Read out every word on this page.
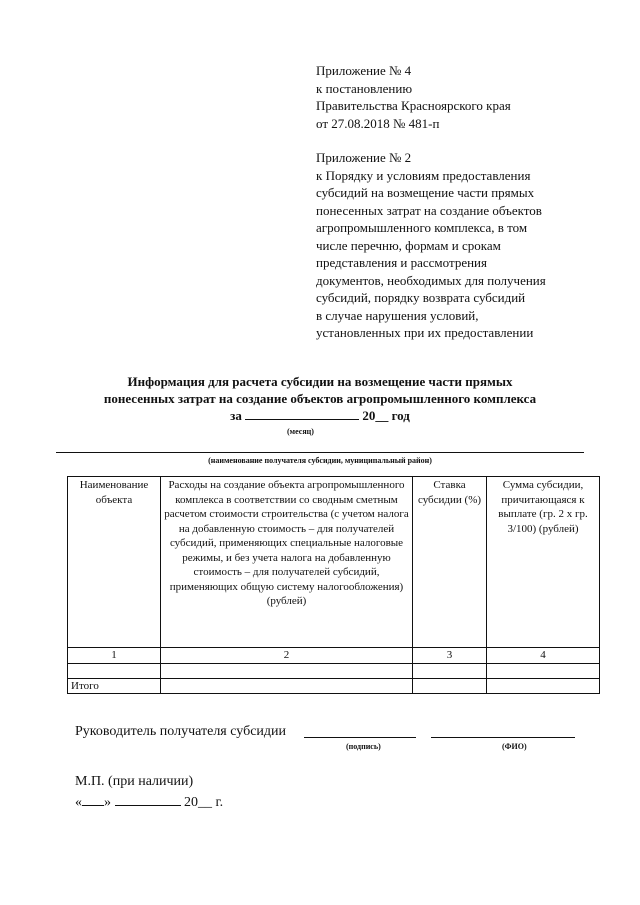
Приложение № 4
к постановлению
Правительства Красноярского края
от 27.08.2018 № 481-п
Приложение № 2
к Порядку и условиям предоставления
субсидий на возмещение части прямых
понесенных затрат на создание объектов
агропромышленного комплекса, в том
числе перечню, формам и срокам
представления и рассмотрения
документов, необходимых для получения
субсидий, порядку возврата субсидий
в случае нарушения условий,
установленных при их предоставлении
Информация для расчета субсидии на возмещение части прямых
понесенных затрат на создание объектов агропромышленного комплекса
за	20__ год
(месяц)
(наименование получателя субсидии, муниципальный район)
Наименование объекта	Расходы на создание объекта агропромышленного комплекса в соответствии со сводным сметным расчетом стоимости строительства (с учетом налога на добавленную стоимость – для получателей субсидий, применяющих специальные налоговые режимы, и без учета налога на добавленную стоимость – для получателей субсидий, применяющих общую систему налогообложения) (рублей)	Ставка субсидии (%)	Сумма субсидии, причитающаяся к выплате (гр. 2 х гр. 3/100) (рублей)
1	2	3	4

Итого			
Руководитель получателя субсидии
(подпись)	(ФИО)
М.П. (при наличии)
« »	20__ г.
